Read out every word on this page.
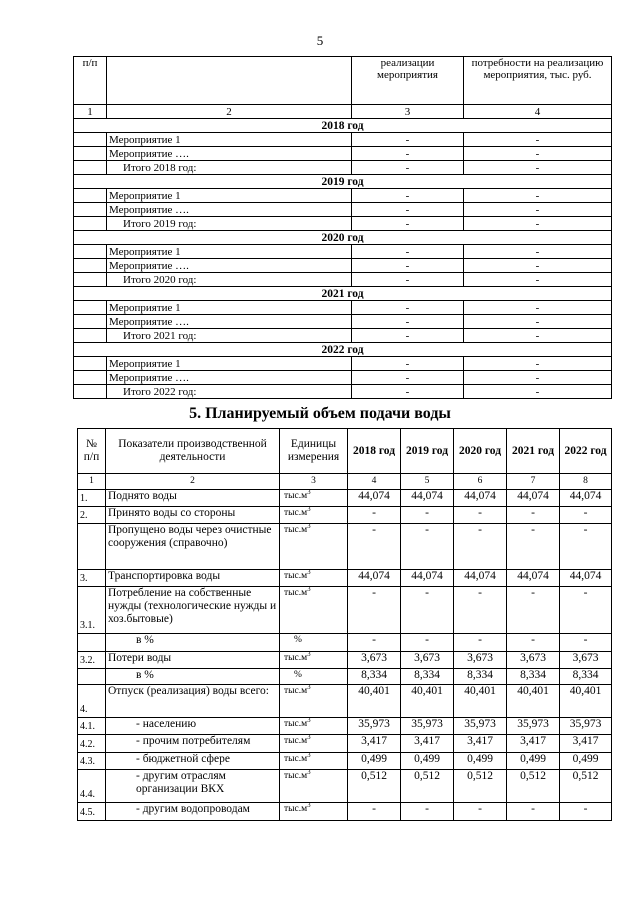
5
п/п		реализации мероприятия	потребности на реализацию мероприятия, тыс. руб.
1	2	3	4
2018 год			
	Мероприятие 1	-	-
	Мероприятие ….	-	-
	Итого 2018 год:	-	-
2019 год			
	Мероприятие 1	-	-
	Мероприятие ….	-	-
	Итого 2019 год:	-	-
2020 год			
	Мероприятие 1	-	-
	Мероприятие ….	-	-
	Итого 2020 год:	-	-
2021 год			
	Мероприятие 1	-	-
	Мероприятие ….	-	-
	Итого 2021 год:	-	-
2022 год			
	Мероприятие 1	-	-
	Мероприятие ….	-	-
	Итого 2022 год:	-	-
5. Планируемый объем подачи воды
№ п/п	Показатели производственной деятельности	Единицы измерения	2018 год	2019 год	2020 год	2021 год	2022 год
1	2	3	4	5	6	7	8
1.	Поднято воды	$тыс.м^3$	44,074	44,074	44,074	44,074	44,074
2.	Принято воды со стороны	$тыс.м^3$	-	-	-	-	-
	Пропущено воды через очистные сооружения (справочно)	$тыс.м^3$	-	-	-	-	-
3.	Транспортировка воды	$тыс.м^3$	44,074	44,074	44,074	44,074	44,074
3.1.	Потребление на собственные нужды (технологические нужды и хоз.бытовые)	$тыс.м^3$	-	-	-	-	-
	в %	%	-	-	-	-	-
3.2.	Потери воды	$тыс.м^3$	3,673	3,673	3,673	3,673	3,673
	в %	%	8,334	8,334	8,334	8,334	8,334
4.	Отпуск (реализация) воды всего:	$тыс.м^3$	40,401	40,401	40,401	40,401	40,401
4.1.	- населению	$тыс.м^3$	35,973	35,973	35,973	35,973	35,973
4.2.	- прочим потребителям	$тыс.м^3$	3,417	3,417	3,417	3,417	3,417
4.3.	- бюджетной сфере	$тыс.м^3$	0,499	0,499	0,499	0,499	0,499
4.4.	- другим отраслям организации ВКХ	$тыс.м^3$	0,512	0,512	0,512	0,512	0,512
4.5.	- другим водопроводам	$тыс.м^3$	-	-	-	-	-
